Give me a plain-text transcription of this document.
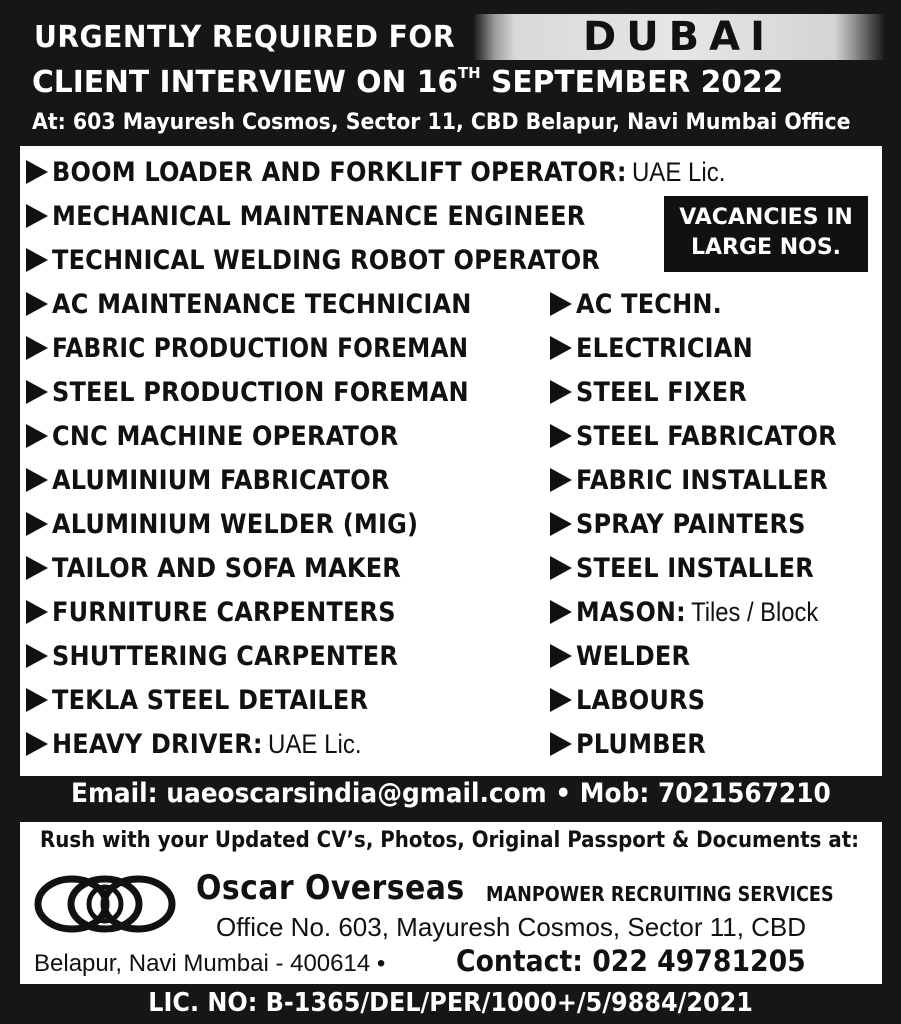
URGENTLY REQUIRED FOR	DUBAI
CLIENT INTERVIEW ON 16TH SEPTEMBER 2022
At: 603 Mayuresh Cosmos, Sector 11, CBD Belapur, Navi Mumbai Office
BOOM LOADER AND FORKLIFT OPERATOR: UAE Lic.
MECHANICAL MAINTENANCE ENGINEER
TECHNICAL WELDING ROBOT OPERATOR
AC MAINTENANCE TECHNICIAN
FABRIC PRODUCTION FOREMAN
STEEL PRODUCTION FOREMAN
CNC MACHINE OPERATOR
ALUMINIUM FABRICATOR
ALUMINIUM WELDER (MIG)
TAILOR AND SOFA MAKER
FURNITURE CARPENTERS
SHUTTERING CARPENTER
TEKLA STEEL DETAILER
HEAVY DRIVER: UAE Lic.
AC TECHN.
ELECTRICIAN
STEEL FIXER
STEEL FABRICATOR
FABRIC INSTALLER
SPRAY PAINTERS
STEEL INSTALLER
MASON: Tiles / Block
WELDER
LABOURS
PLUMBER
VACANCIES IN
LARGE NOS.
Email: uaeoscarsindia@gmail.com • Mob: 7021567210
Rush with your Updated CV’s, Photos, Original Passport & Documents at:
Oscar Overseas MANPOWER RECRUITING SERVICES
Office No. 603, Mayuresh Cosmos, Sector 11, CBD
Belapur, Navi Mumbai - 400614 • Contact: 022 49781205
LIC. NO: B-1365/DEL/PER/1000+/5/9884/2021
